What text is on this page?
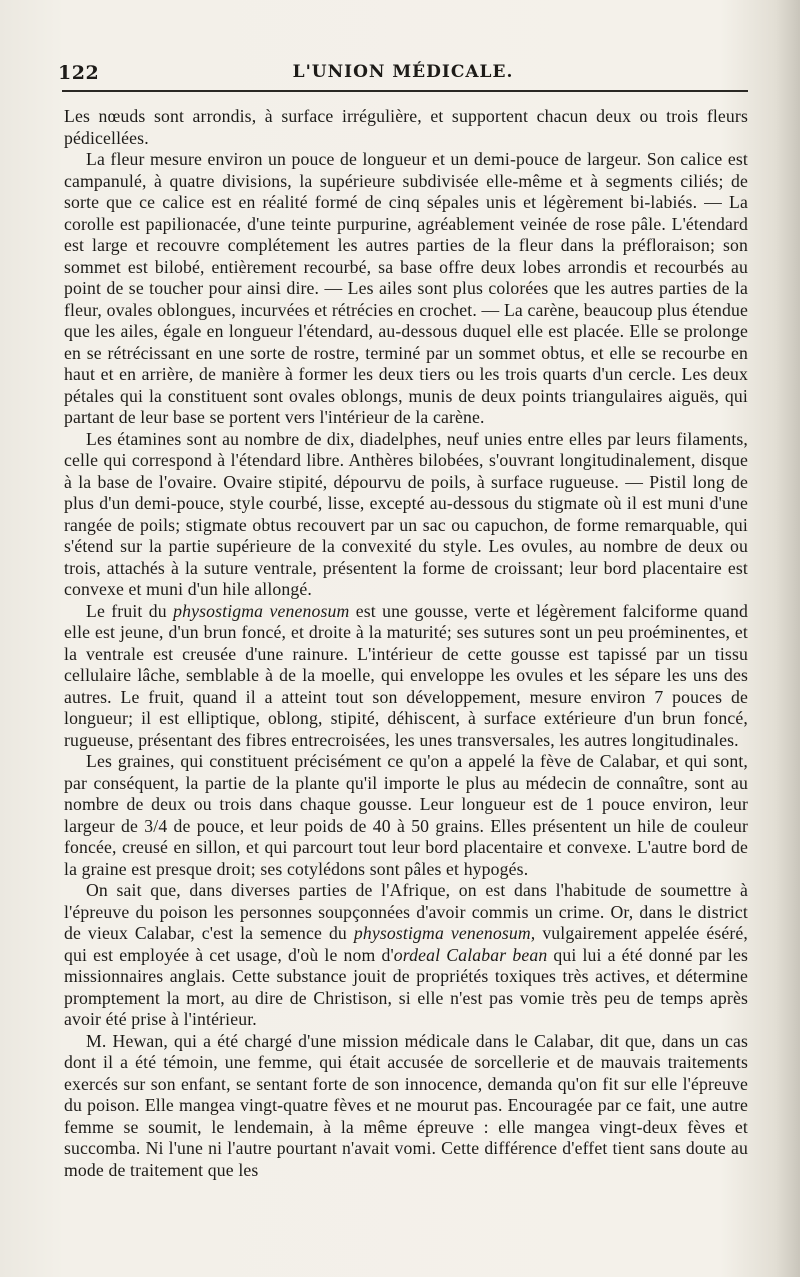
122	L'UNION MÉDICALE.

Les nœuds sont arrondis, à surface irrégulière, et supportent chacun deux ou trois fleurs pédicellées.

La fleur mesure environ un pouce de longueur et un demi-pouce de largeur. Son calice est campanulé, à quatre divisions, la supérieure subdivisée elle-même et à segments ciliés; de sorte que ce calice est en réalité formé de cinq sépales unis et légèrement bi-labiés. — La corolle est papilionacée, d'une teinte purpurine, agréablement veinée de rose pâle. L'étendard est large et recouvre complétement les autres parties de la fleur dans la préfloraison; son sommet est bilobé, entièrement recourbé, sa base offre deux lobes arrondis et recourbés au point de se toucher pour ainsi dire. — Les ailes sont plus colorées que les autres parties de la fleur, ovales oblongues, incurvées et rétrécies en crochet. — La carène, beaucoup plus étendue que les ailes, égale en longueur l'étendard, au-dessous duquel elle est placée. Elle se prolonge en se rétrécissant en une sorte de rostre, terminé par un sommet obtus, et elle se recourbe en haut et en arrière, de manière à former les deux tiers ou les trois quarts d'un cercle. Les deux pétales qui la constituent sont ovales oblongs, munis de deux points triangulaires aiguës, qui partant de leur base se portent vers l'intérieur de la carène.

Les étamines sont au nombre de dix, diadelphes, neuf unies entre elles par leurs filaments, celle qui correspond à l'étendard libre. Anthères bilobées, s'ouvrant longitudinalement, disque à la base de l'ovaire. Ovaire stipité, dépourvu de poils, à surface rugueuse. — Pistil long de plus d'un demi-pouce, style courbé, lisse, excepté au-dessous du stigmate où il est muni d'une rangée de poils; stigmate obtus recouvert par un sac ou capuchon, de forme remarquable, qui s'étend sur la partie supérieure de la convexité du style. Les ovules, au nombre de deux ou trois, attachés à la suture ventrale, présentent la forme de croissant; leur bord placentaire est convexe et muni d'un hile allongé.

Le fruit du physostigma venenosum est une gousse, verte et légèrement falciforme quand elle est jeune, d'un brun foncé, et droite à la maturité; ses sutures sont un peu proéminentes, et la ventrale est creusée d'une rainure. L'intérieur de cette gousse est tapissé par un tissu cellulaire lâche, semblable à de la moelle, qui enveloppe les ovules et les sépare les uns des autres. Le fruit, quand il a atteint tout son développement, mesure environ 7 pouces de longueur; il est elliptique, oblong, stipité, déhiscent, à surface extérieure d'un brun foncé, rugueuse, présentant des fibres entrecroisées, les unes transversales, les autres longitudinales.

Les graines, qui constituent précisément ce qu'on a appelé la fève de Calabar, et qui sont, par conséquent, la partie de la plante qu'il importe le plus au médecin de connaître, sont au nombre de deux ou trois dans chaque gousse. Leur longueur est de 1 pouce environ, leur largeur de 3/4 de pouce, et leur poids de 40 à 50 grains. Elles présentent un hile de couleur foncée, creusé en sillon, et qui parcourt tout leur bord placentaire et convexe. L'autre bord de la graine est presque droit; ses cotylédons sont pâles et hypogés.

On sait que, dans diverses parties de l'Afrique, on est dans l'habitude de soumettre à l'épreuve du poison les personnes soupçonnées d'avoir commis un crime. Or, dans le district de vieux Calabar, c'est la semence du physostigma venenosum, vulgairement appelée éséré, qui est employée à cet usage, d'où le nom d'ordeal Calabar bean qui lui a été donné par les missionnaires anglais. Cette substance jouit de propriétés toxiques très actives, et détermine promptement la mort, au dire de Christison, si elle n'est pas vomie très peu de temps après avoir été prise à l'intérieur.

M. Hewan, qui a été chargé d'une mission médicale dans le Calabar, dit que, dans un cas dont il a été témoin, une femme, qui était accusée de sorcellerie et de mauvais traitements exercés sur son enfant, se sentant forte de son innocence, demanda qu'on fit sur elle l'épreuve du poison. Elle mangea vingt-quatre fèves et ne mourut pas. Encouragée par ce fait, une autre femme se soumit, le lendemain, à la même épreuve : elle mangea vingt-deux fèves et succomba. Ni l'une ni l'autre pourtant n'avait vomi. Cette différence d'effet tient sans doute au mode de traitement que les
